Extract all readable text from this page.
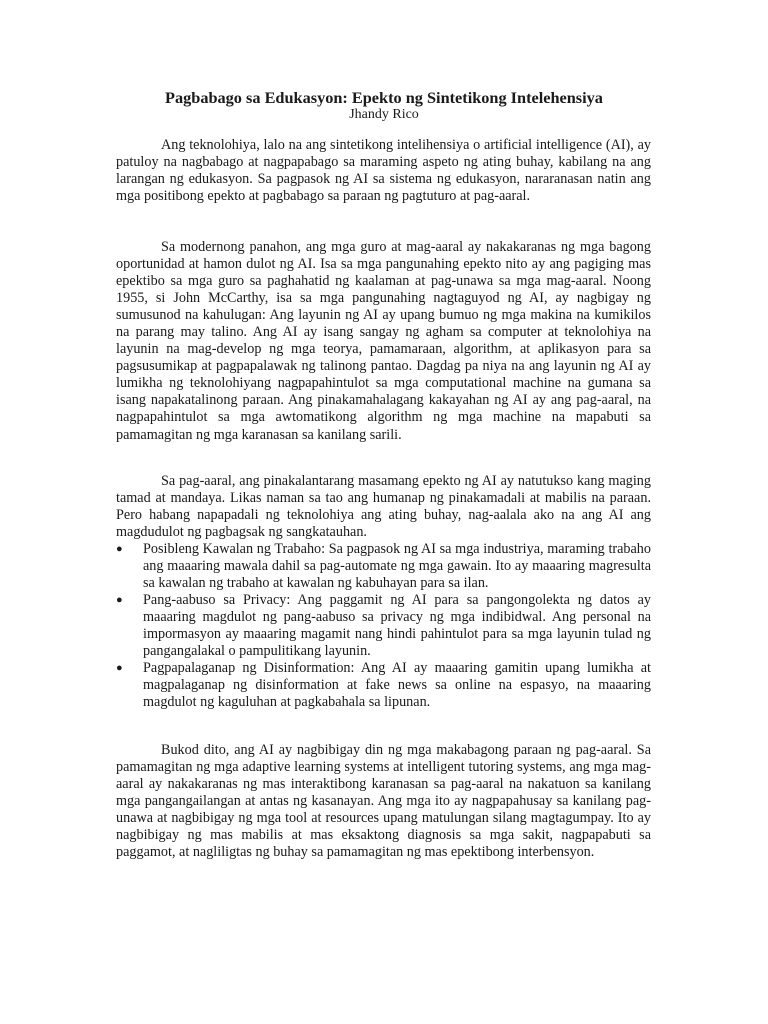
Pagbabago sa Edukasyon: Epekto ng Sintetikong Intelehensiya
Jhandy Rico

Ang teknolohiya, lalo na ang sintetikong intelihensiya o artificial intelligence (AI), ay patuloy na nagbabago at nagpapabago sa maraming aspeto ng ating buhay, kabilang na ang larangan ng edukasyon. Sa pagpasok ng AI sa sistema ng edukasyon, nararanasan natin ang mga positibong epekto at pagbabago sa paraan ng pagtuturo at pag-aaral.

Sa modernong panahon, ang mga guro at mag-aaral ay nakakaranas ng mga bagong oportunidad at hamon dulot ng AI. Isa sa mga pangunahing epekto nito ay ang pagiging mas epektibo sa mga guro sa paghahatid ng kaalaman at pag-unawa sa mga mag-aaral. Noong 1955, si John McCarthy, isa sa mga pangunahing nagtaguyod ng AI, ay nagbigay ng sumusunod na kahulugan: Ang layunin ng AI ay upang bumuo ng mga makina na kumikilos na parang may talino. Ang AI ay isang sangay ng agham sa computer at teknolohiya na layunin na mag-develop ng mga teorya, pamamaraan, algorithm, at aplikasyon para sa pagsusumikap at pagpapalawak ng talinong pantao. Dagdag pa niya na ang layunin ng AI ay lumikha ng teknolohiyang nagpapahintulot sa mga computational machine na gumana sa isang napakatalinong paraan. Ang pinakamahalagang kakayahan ng AI ay ang pag-aaral, na nagpapahintulot sa mga awtomatikong algorithm ng mga machine na mapabuti sa pamamagitan ng mga karanasan sa kanilang sarili.

Sa pag-aaral, ang pinakalantarang masamang epekto ng AI ay natutukso kang maging tamad at mandaya. Likas naman sa tao ang humanap ng pinakamadali at mabilis na paraan. Pero habang napapadali ng teknolohiya ang ating buhay, nag-aalala ako na ang AI ang magdudulot ng pagbagsak ng sangkatauhan.

● Posibleng Kawalan ng Trabaho: Sa pagpasok ng AI sa mga industriya, maraming trabaho ang maaaring mawala dahil sa pag-automate ng mga gawain. Ito ay maaaring magresulta sa kawalan ng trabaho at kawalan ng kabuhayan para sa ilan.
● Pang-aabuso sa Privacy: Ang paggamit ng AI para sa pangongolekta ng datos ay maaaring magdulot ng pang-aabuso sa privacy ng mga indibidwal. Ang personal na impormasyon ay maaaring magamit nang hindi pahintulot para sa mga layunin tulad ng pangangalakal o pampulitikang layunin.
● Pagpapalaganap ng Disinformation: Ang AI ay maaaring gamitin upang lumikha at magpalaganap ng disinformation at fake news sa online na espasyo, na maaaring magdulot ng kaguluhan at pagkabahala sa lipunan.

Bukod dito, ang AI ay nagbibigay din ng mga makabagong paraan ng pag-aaral. Sa pamamagitan ng mga adaptive learning systems at intelligent tutoring systems, ang mga mag-aaral ay nakakaranas ng mas interaktibong karanasan sa pag-aaral na nakatuon sa kanilang mga pangangailangan at antas ng kasanayan. Ang mga ito ay nagpapahusay sa kanilang pag-unawa at nagbibigay ng mga tool at resources upang matulungan silang magtagumpay. Ito ay nagbibigay ng mas mabilis at mas eksaktong diagnosis sa mga sakit, nagpapabuti sa paggamot, at nagliligtas ng buhay sa pamamagitan ng mas epektibong interbensyon.
